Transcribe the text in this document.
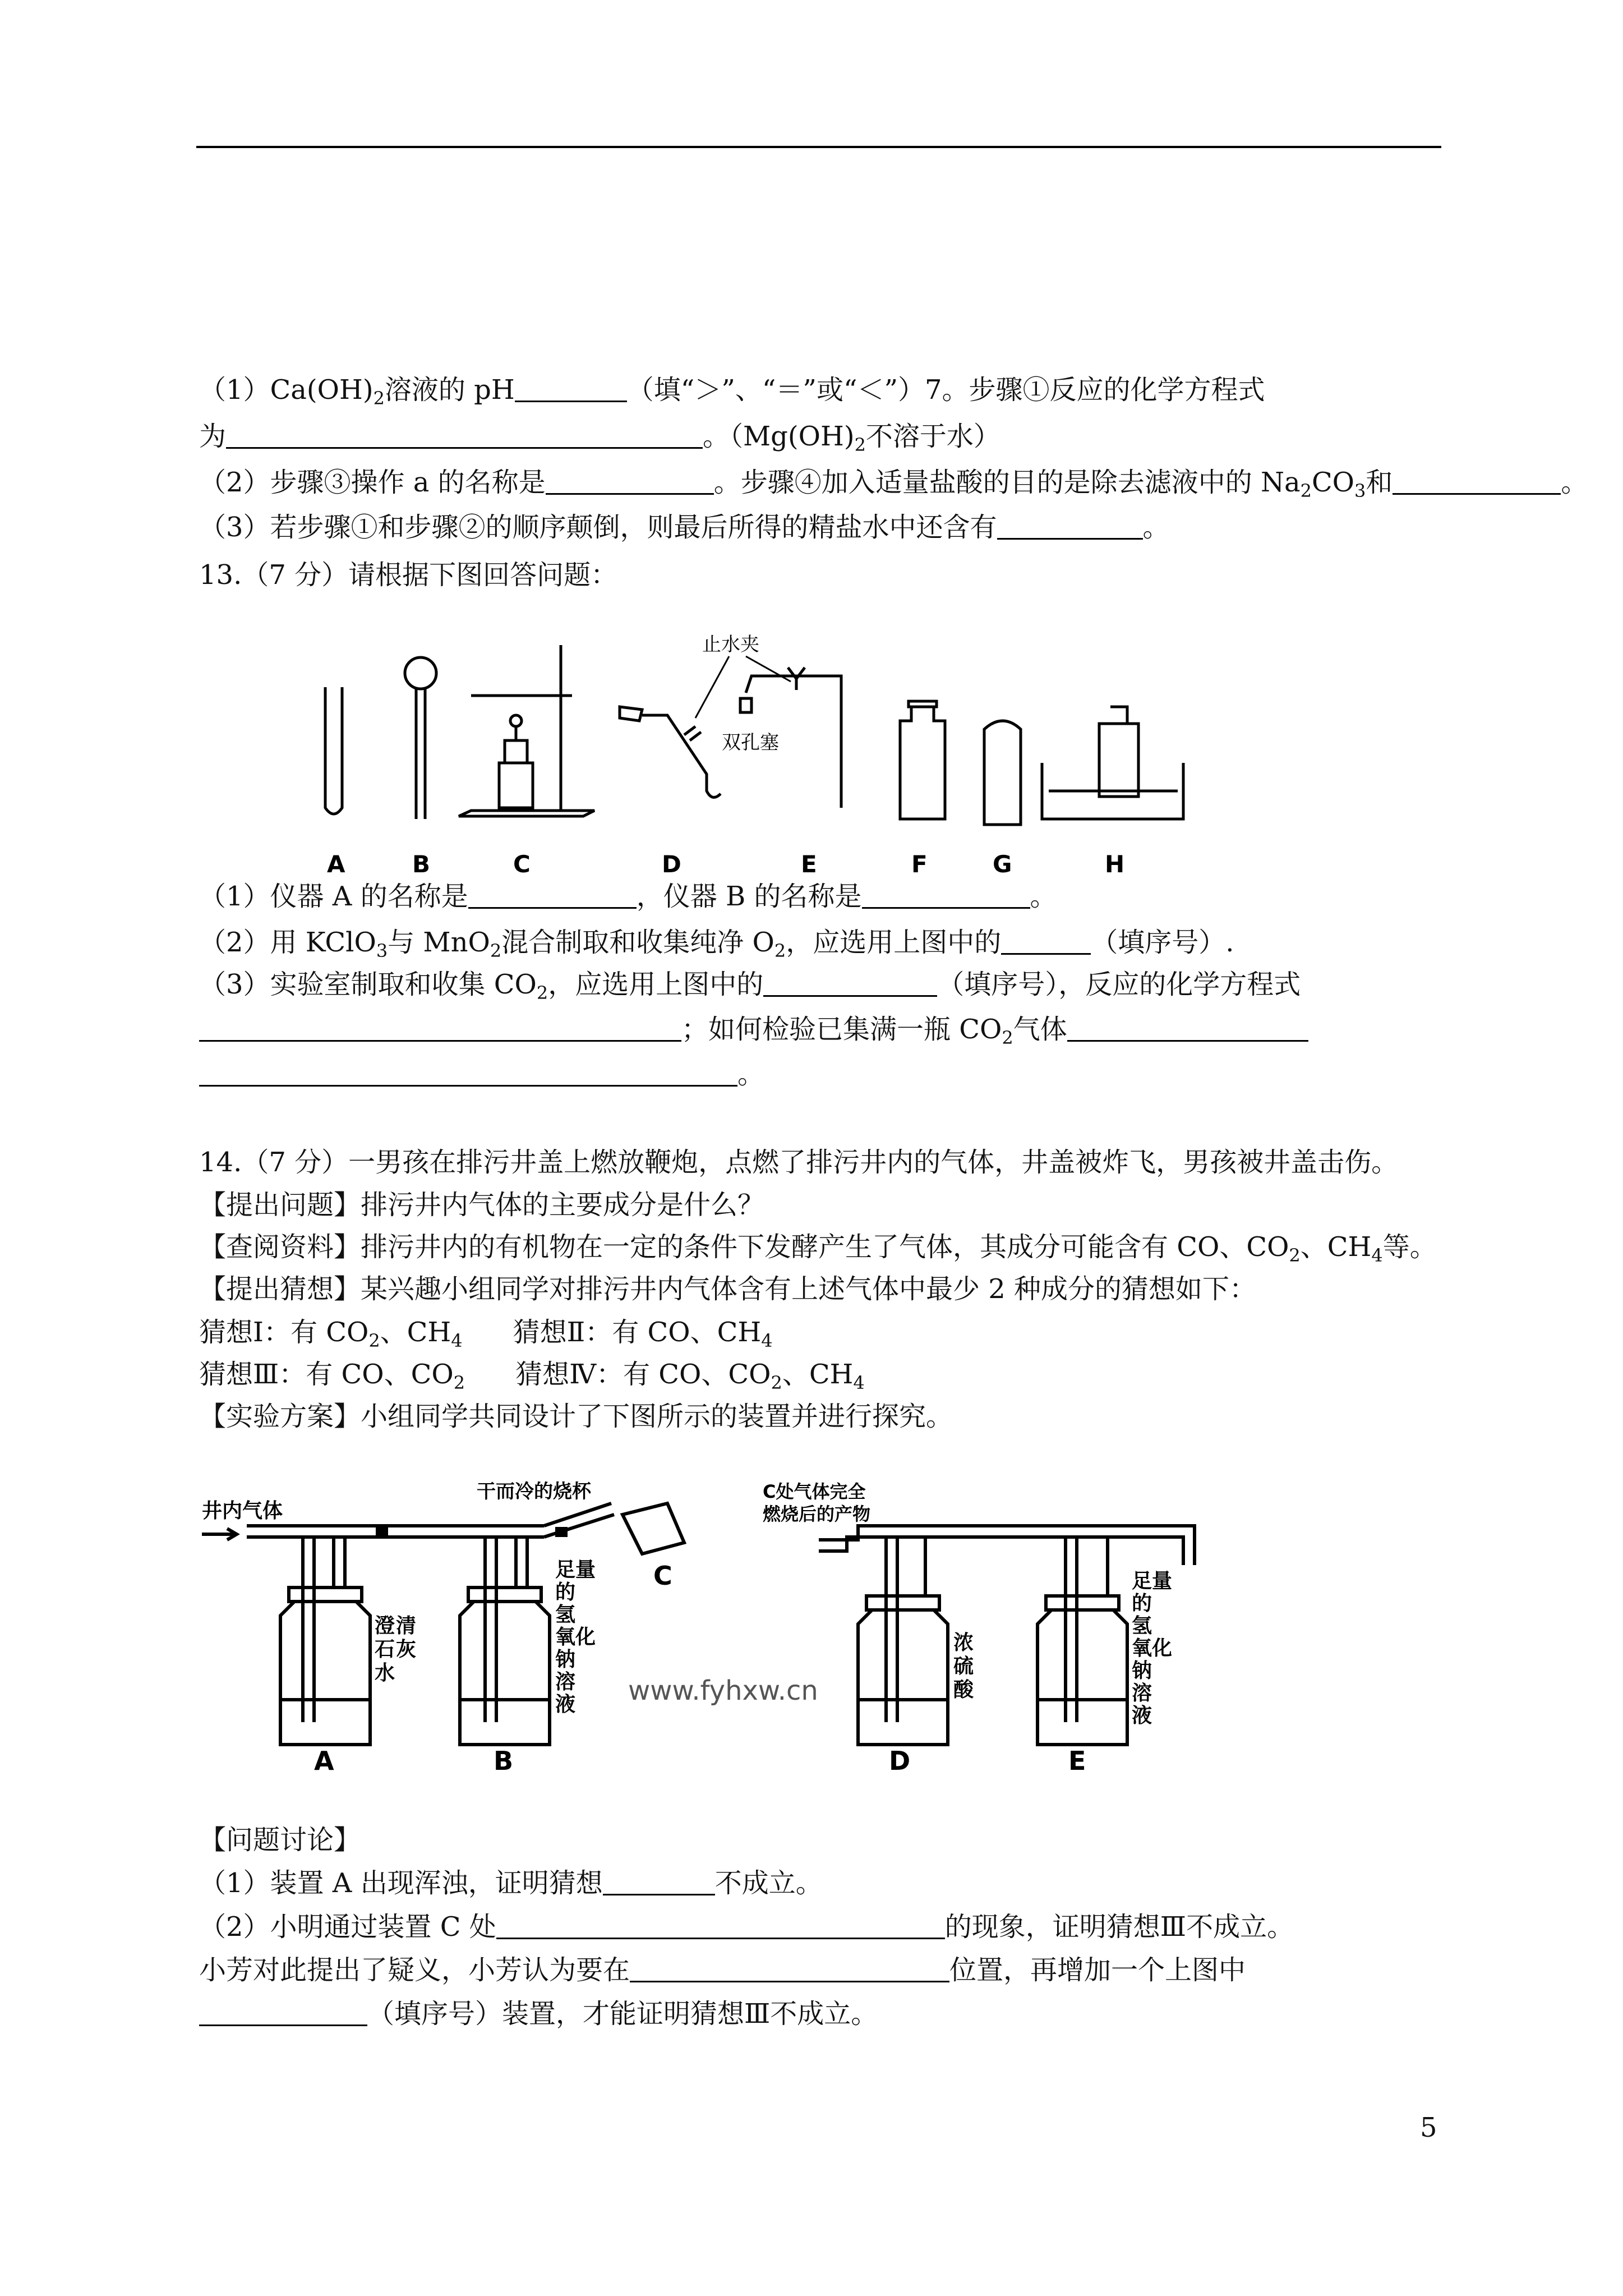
$(1)Ca(OH)_2$溶液的 pH	（填“＞”、“＝”或“＜”）7。步骤①反应的化学方程式
为	。（$Mg(OH)_2$不溶于水）
（2）步骤③操作 a 的名称是	。步骤④加入适量盐酸的目的是除去滤液中的 $Na_2CO_3$和	。
（3）若步骤①和步骤②的顺序颠倒，则最后所得的精盐水中还含有	。
13.（7 分）请根据下图回答问题：
止水夹
双孔塞
A	B	C	D	E	F	G	H
（1）仪器 A 的名称是	，仪器 B 的名称是	。
（2）用 KClO$_3$与 MnO$_2$混合制取和收集纯净 $O_2$，应选用上图中的	（填序号）.
（3）实验室制取和收集 $CO_2$，应选用上图中的	（填序号），反应的化学方程式
；如何检验已集满一瓶 $CO_2$气体
。
14.（7 分）一男孩在排污井盖上燃放鞭炮，点燃了排污井内的气体，井盖被炸飞，男孩被井盖击伤。
【提出问题】排污井内气体的主要成分是什么？
【查阅资料】排污井内的有机物在一定的条件下发酵产生了气体，其成分可能含有 CO、$CO_2$、$CH_4$等。
【提出猜想】某兴趣小组同学对排污井内气体含有上述气体中最少 2 种成分的猜想如下：
猜想Ⅰ：有 $CO_2$、$CH_4$ 猜想Ⅱ：有 CO、$CH_4$
猜想Ⅲ：有 CO、$CO_2$ 猜想Ⅳ：有 CO、$CO_2$、$CH_4$
【实验方案】小组同学共同设计了下图所示的装置并进行探究。
井内气体
干而冷的烧杯	C处气体完全
燃烧后的产物
澄 清
石 灰
水
足 量
的
氢
氧 化
钠
溶
液
浓
硫
酸
足 量
的
氢
氧 化
钠
溶
液
www.fyhxw.cn
A	B
C
D	E
【问题讨论】
（1）装置 A 出现浑浊，证明猜想	不成立。
（2）小明通过装置 C 处	的现象，证明猜想Ⅲ不成立。
小芳对此提出了疑义，小芳认为要在	位置，再增加一个上图中
（填序号）装置，才能证明猜想Ⅲ不成立。
5
